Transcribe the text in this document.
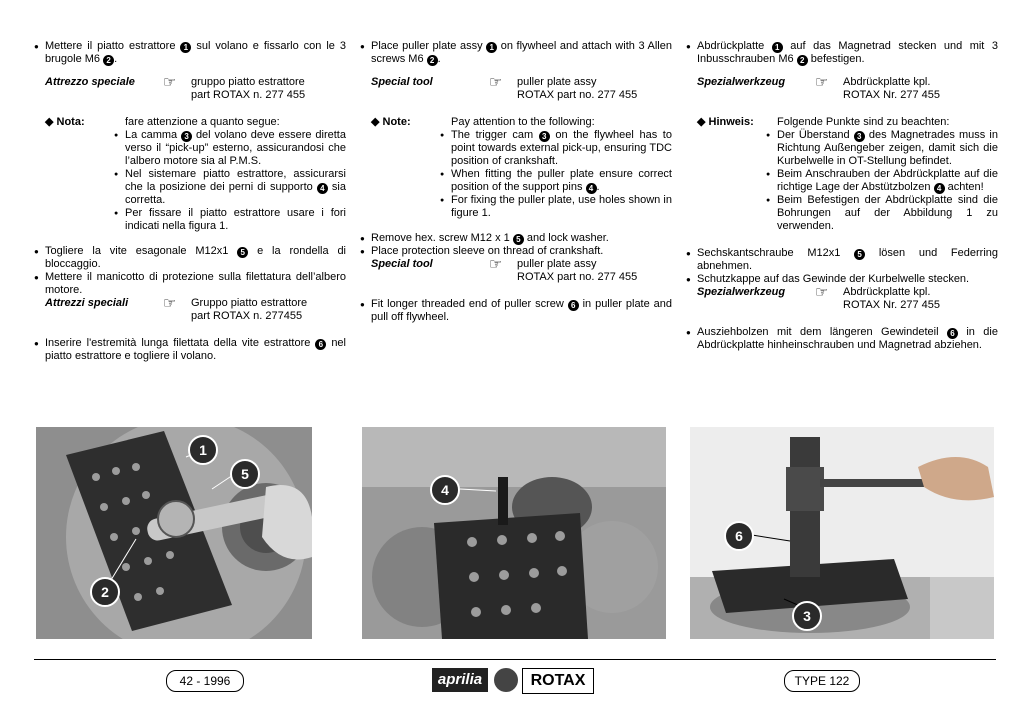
● Mettere il piatto estrattore 1 sul volano e fissarlo con le 3 brugole M6 2 .
Attrezzo speciale	☞	gruppo piatto estrattore
part ROTAX n. 277 455
◆ Nota:	fare attenzione a quanto segue:
● La camma 3 del volano deve essere diretta verso il “pick-up” esterno, assicurandosi che l’albero motore sia al P.M.S.
● Nel sistemare piatto estrattore, assicurarsi che la posizione dei perni di supporto 4 sia corretta.
● Per fissare il piatto estrattore usare i fori indicati nella figura 1.
● Togliere la vite esagonale M12x1 5 e la rondella di bloccaggio.
● Mettere il manicotto di protezione sulla filettatura dell’albero motore.
Attrezzi speciali	☞	Gruppo piatto estrattore
part ROTAX n. 277455
● Inserire l'estremità lunga filettata della vite estrattore 6 nel piatto estrattore e togliere il volano.
● Place puller plate assy 1 on flywheel and attach with 3 Allen screws M6 2 .
Special tool	☞	puller plate assy
ROTAX part no. 277 455
◆ Note:	Pay attention to the following:
● The trigger cam 3 on the flywheel has to point towards external pick-up, ensuring TDC position of crankshaft.
● When fitting the puller plate ensure correct position of the support pins 4 .
● For fixing the puller plate, use holes shown in figure 1.
● Remove hex. screw M12 x 1 5 and lock washer.
● Place protection sleeve on thread of crankshaft.
Special tool	☞	puller plate assy
ROTAX part no. 277 455
● Fit longer threaded end of puller screw 6 in puller plate and pull off flywheel.
● Abdrückplatte 1 auf das Magnetrad stecken und mit 3 Inbusschrauben M6 2 befestigen.
Spezialwerkzeug	☞	Abdrückplatte kpl.
ROTAX Nr. 277 455
◆ Hinweis:	Folgende Punkte sind zu beachten:
● Der Überstand 3 des Magnetrades muss in Richtung Außengeber zeigen, damit sich die Kurbelwelle in OT-Stellung befindet.
● Beim Anschrauben der Abdrückplatte auf die richtige Lage der Abstützbolzen 4 achten!
● Beim Befestigen der Abdrückplatte sind die Bohrungen auf der Abbildung 1 zu verwenden.
● Sechskantschraube M12x1 5 lösen und Federring abnehmen.
● Schutzkappe auf das Gewinde der Kurbelwelle stecken.
Spezialwerkzeug	☞	Abdrückplatte kpl.
ROTAX Nr. 277 455
● Ausziehbolzen mit dem längeren Gewindeteil 6 in die Abdrückplatte hinheinschrauben und Magnetrad abziehen.
1
5
2
4
6
3
42 - 1996	aprilia	ROTAX	TYPE 122
